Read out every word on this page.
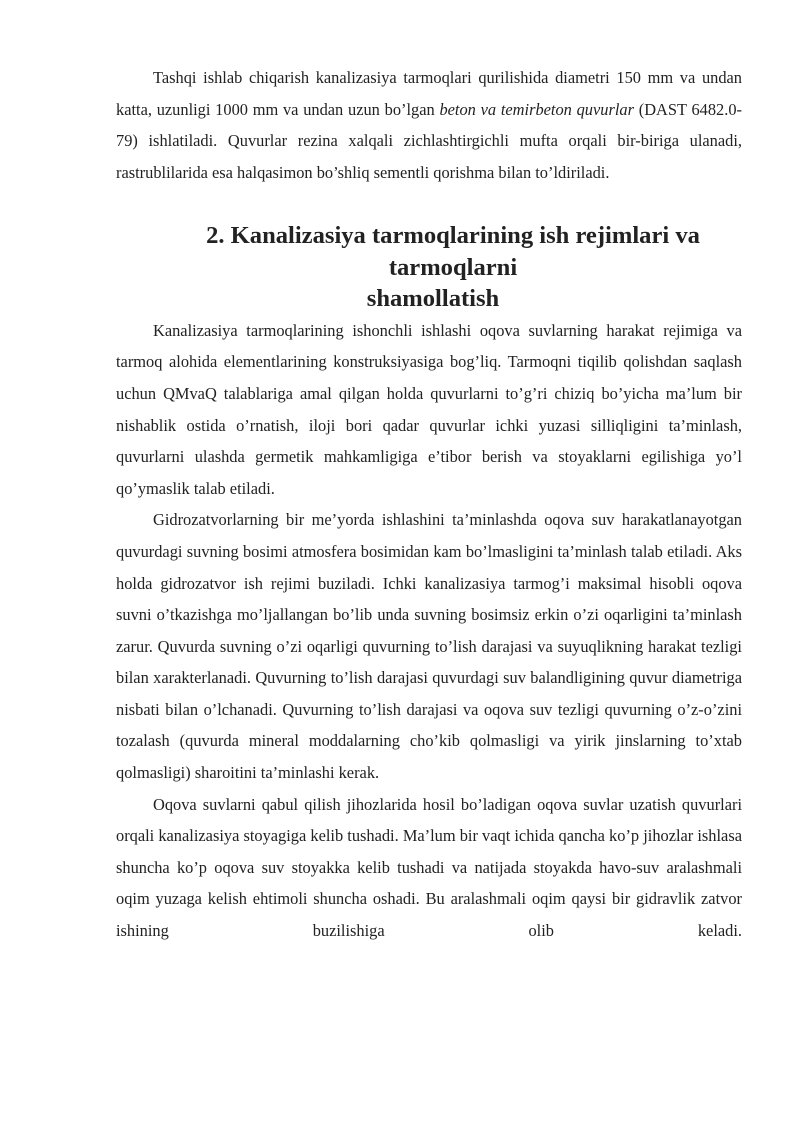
Tashqi ishlab chiqarish kanalizasiya tarmoqlari qurilishida diametri 150 mm va undan katta, uzunligi 1000 mm va undan uzun bo’lgan beton va temirbeton quvurlar (DAST 6482.0-79) ishlatiladi. Quvurlar rezina xalqali zichlashtirgichli mufta orqali bir-biriga ulanadi, rastrublilarida esa halqasimon bo’shliq sementli qorishma bilan to’ldiriladi.

2. Kanalizasiya tarmoqlarining ish rejimlari va tarmoqlarni
shamollatish

Kanalizasiya tarmoqlarining ishonchli ishlashi oqova suvlarning harakat rejimiga va tarmoq alohida elementlarining konstruksiyasiga bog’liq. Tarmoqni tiqilib qolishdan saqlash uchun QMvaQ talablariga amal qilgan holda quvurlarni to’g’ri chiziq bo’yicha ma’lum bir nishablik ostida o’rnatish, iloji bori qadar quvurlar ichki yuzasi silliqligini ta’minlash, quvurlarni ulashda germetik mahkamligiga e’tibor berish va stoyaklarni egilishiga yo’l qo’ymaslik talab etiladi.

Gidrozatvorlarning bir me’yorda ishlashini ta’minlashda oqova suv harakatlanayotgan quvurdagi suvning bosimi atmosfera bosimidan kam bo’lmasligini ta’minlash talab etiladi. Aks holda gidrozatvor ish rejimi buziladi. Ichki kanalizasiya tarmog’i maksimal hisobli oqova suvni o’tkazishga mo’ljallangan bo’lib unda suvning bosimsiz erkin o’zi oqarligini ta’minlash zarur. Quvurda suvning o’zi oqarligi quvurning to’lish darajasi va suyuqlikning harakat tezligi bilan xarakterlanadi. Quvurning to’lish darajasi quvurdagi suv balandligining quvur diametriga nisbati bilan o’lchanadi. Quvurning to’lish darajasi va oqova suv tezligi quvurning o’z-o’zini tozalash (quvurda mineral moddalarning cho’kib qolmasligi va yirik jinslarning to’xtab qolmasligi) sharoitini ta’minlashi kerak.

Oqova suvlarni qabul qilish jihozlarida hosil bo’ladigan oqova suvlar uzatish quvurlari orqali kanalizasiya stoyagiga kelib tushadi. Ma’lum bir vaqt ichida qancha ko’p jihozlar ishlasa shuncha ko’p oqova suv stoyakka kelib tushadi va natijada stoyakda havo-suv aralashmali oqim yuzaga kelish ehtimoli shuncha oshadi. Bu aralashmali oqim qaysi bir gidravlik zatvor ishining buzilishiga olib keladi.
